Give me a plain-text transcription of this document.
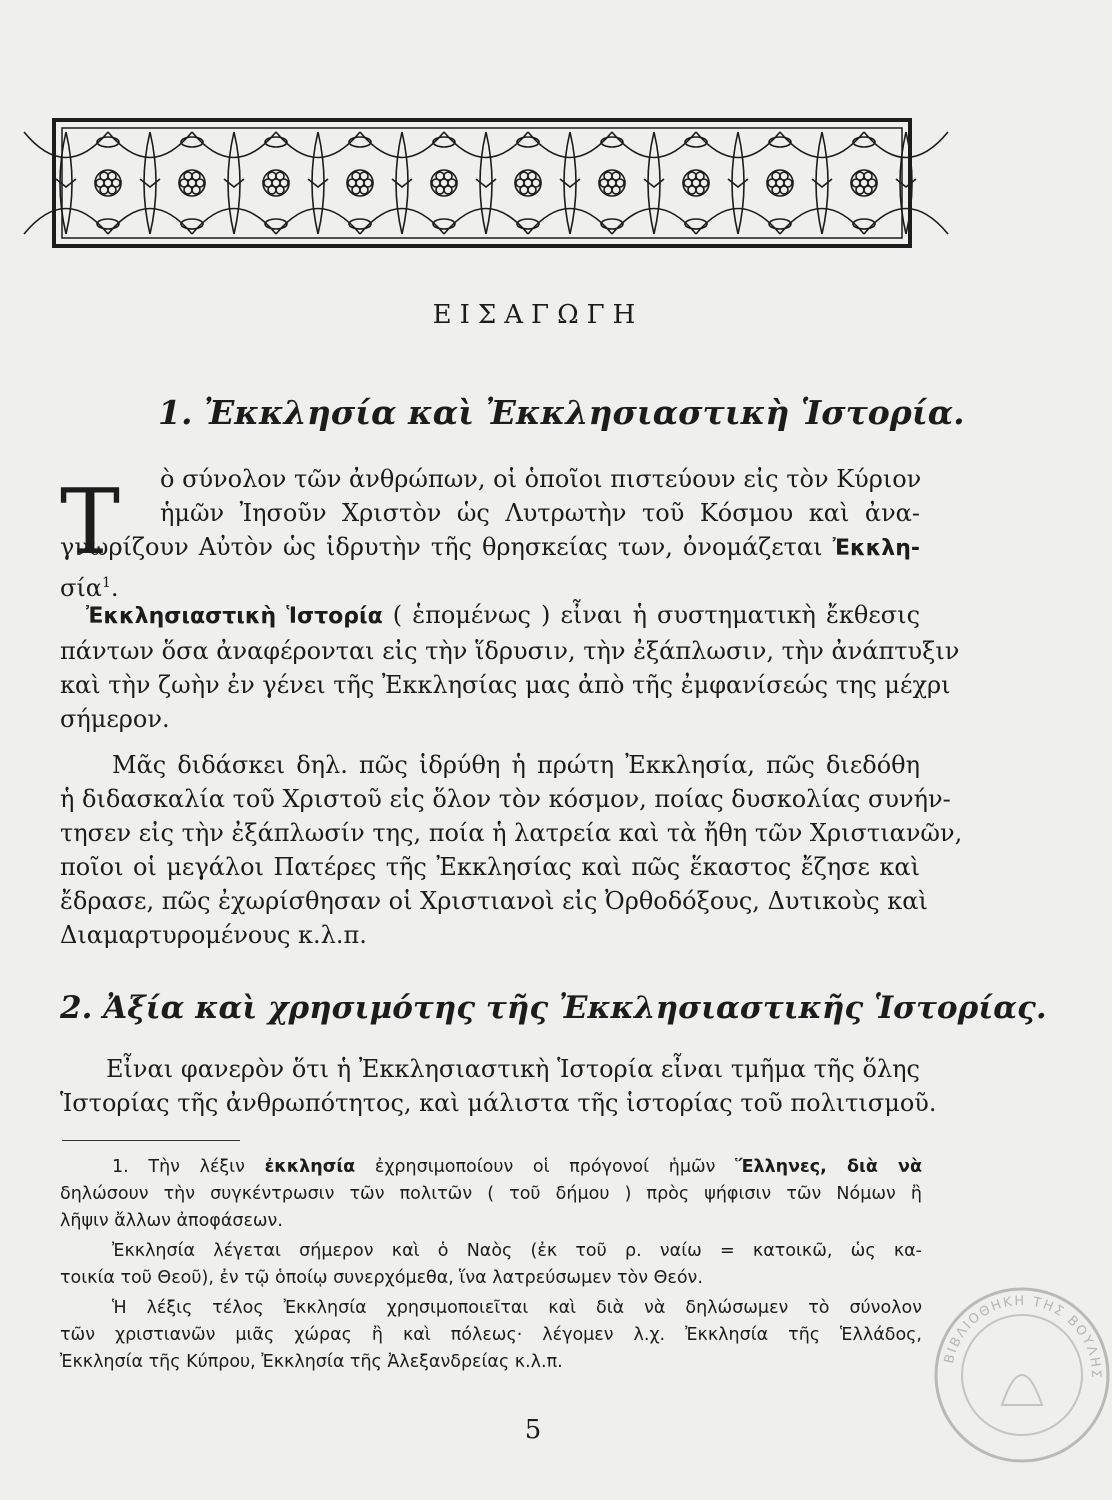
ΕΙΣΑΓΩΓΗ
1. Ἐκκλησία καὶ Ἐκκλησιαστικὴ Ἱστορία.
Τ ὸ σύνολον τῶν ἀνθρώπων, οἱ ὁποῖοι πιστεύουν εἰς τὸν Κύριον
ἡμῶν Ἰησοῦν Χριστὸν ὡς Λυτρωτὴν τοῦ Κόσμου καὶ ἀνα-
γνωρίζουν Αὐτὸν ὡς ἱδρυτὴν τῆς θρησκείας των, ὀνομάζεται Ἐκκλη-
σία$^1$.
Ἐκκλησιαστικὴ Ἱστορία ( ἑπομένως ) εἶναι ἡ συστηματικὴ ἔκθεσις
πάντων ὅσα ἀναφέρονται εἰς τὴν ἵδρυσιν, τὴν ἐξάπλωσιν, τὴν ἀνάπτυξιν
καὶ τὴν ζωὴν ἐν γένει τῆς Ἐκκλησίας μας ἀπὸ τῆς ἐμφανίσεώς της μέχρι
σήμερον.
Μᾶς διδάσκει δηλ. πῶς ἱδρύθη ἡ πρώτη Ἐκκλησία, πῶς διεδόθη
ἡ διδασκαλία τοῦ Χριστοῦ εἰς ὅλον τὸν κόσμον, ποίας δυσκολίας συνήν-
τησεν εἰς τὴν ἐξάπλωσίν της, ποία ἡ λατρεία καὶ τὰ ἤθη τῶν Χριστιανῶν,
ποῖοι οἱ μεγάλοι Πατέρες τῆς Ἐκκλησίας καὶ πῶς ἕκαστος ἔζησε καὶ
ἔδρασε, πῶς ἐχωρίσθησαν οἱ Χριστιανοὶ εἰς Ὀρθοδόξους, Δυτικοὺς καὶ
Διαμαρτυρομένους κ.λ.π.
2. Ἀξία καὶ χρησιμότης τῆς Ἐκκλησιαστικῆς Ἱστορίας.
Εἶναι φανερὸν ὅτι ἡ Ἐκκλησιαστικὴ Ἱστορία εἶναι τμῆμα τῆς ὅλης
Ἱστορίας τῆς ἀνθρωπότητος, καὶ μάλιστα τῆς ἱστορίας τοῦ πολιτισμοῦ.
1. Τὴν λέξιν ἐκκλησία ἐχρησιμοποίουν οἱ πρόγονοί ἡμῶν Ἕλληνες, διὰ νὰ
δηλώσουν τὴν συγκέντρωσιν τῶν πολιτῶν ( τοῦ δήμου ) πρὸς ψήφισιν τῶν Νόμων ἢ
λῆψιν ἄλλων ἀποφάσεων.
Ἐκκλησία λέγεται σήμερον καὶ ὁ Ναὸς (ἐκ τοῦ ρ. ναίω = κατοικῶ, ὡς κα-
τοικία τοῦ Θεοῦ), ἐν τῷ ὁποίῳ συνερχόμεθα, ἵνα λατρεύσωμεν τὸν Θεόν.
Ἡ λέξις τέλος Ἐκκλησία χρησιμοποιεῖται καὶ διὰ νὰ δηλώσωμεν τὸ σύνολον
τῶν χριστιανῶν μιᾶς χώρας ἢ καὶ πόλεως· λέγομεν λ.χ. Ἐκκλησία τῆς Ἑλλάδος,
Ἐκκλησία τῆς Κύπρου, Ἐκκλησία τῆς Ἀλεξανδρείας κ.λ.π.
5
ΒΙΒΛΙΟΘΗΚΗ ΤΗΣ ΒΟΥΛΗΣ
